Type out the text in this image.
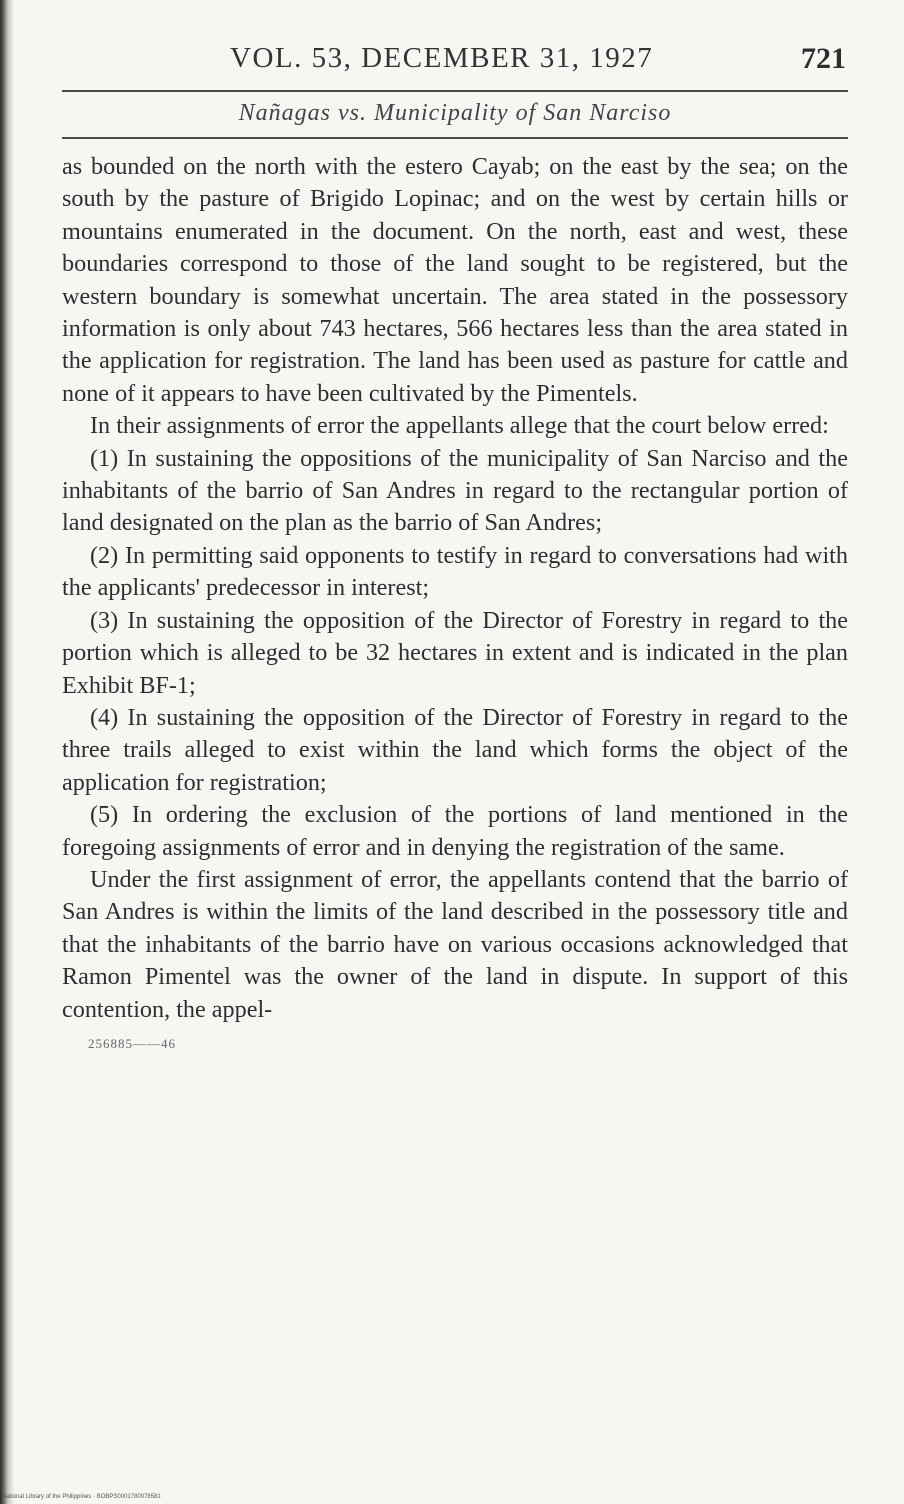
VOL. 53, DECEMBER 31, 1927	721
Nañagas vs. Municipality of San Narciso

as bounded on the north with the estero Cayab; on the east by the sea; on the south by the pasture of Brigido Lopinac; and on the west by certain hills or mountains enumerated in the document. On the north, east and west, these boundaries correspond to those of the land sought to be registered, but the western boundary is somewhat uncertain. The area stated in the possessory information is only about 743 hectares, 566 hectares less than the area stated in the application for registration. The land has been used as pasture for cattle and none of it appears to have been cultivated by the Pimentels.

In their assignments of error the appellants allege that the court below erred:

(1) In sustaining the oppositions of the municipality of San Narciso and the inhabitants of the barrio of San Andres in regard to the rectangular portion of land designated on the plan as the barrio of San Andres;

(2) In permitting said opponents to testify in regard to conversations had with the applicants' predecessor in interest;

(3) In sustaining the opposition of the Director of Forestry in regard to the portion which is alleged to be 32 hectares in extent and is indicated in the plan Exhibit BF-1;

(4) In sustaining the opposition of the Director of Forestry in regard to the three trails alleged to exist within the land which forms the object of the application for registration;

(5) In ordering the exclusion of the portions of land mentioned in the foregoing assignments of error and in denying the registration of the same.

Under the first assignment of error, the appellants contend that the barrio of San Andres is within the limits of the land described in the possessory title and that the inhabitants of the barrio have on various occasions acknowledged that Ramon Pimentel was the owner of the land in dispute. In support of this contention, the appel-

256885——46
National Library of the Philippines · BOBPS0001780078581
